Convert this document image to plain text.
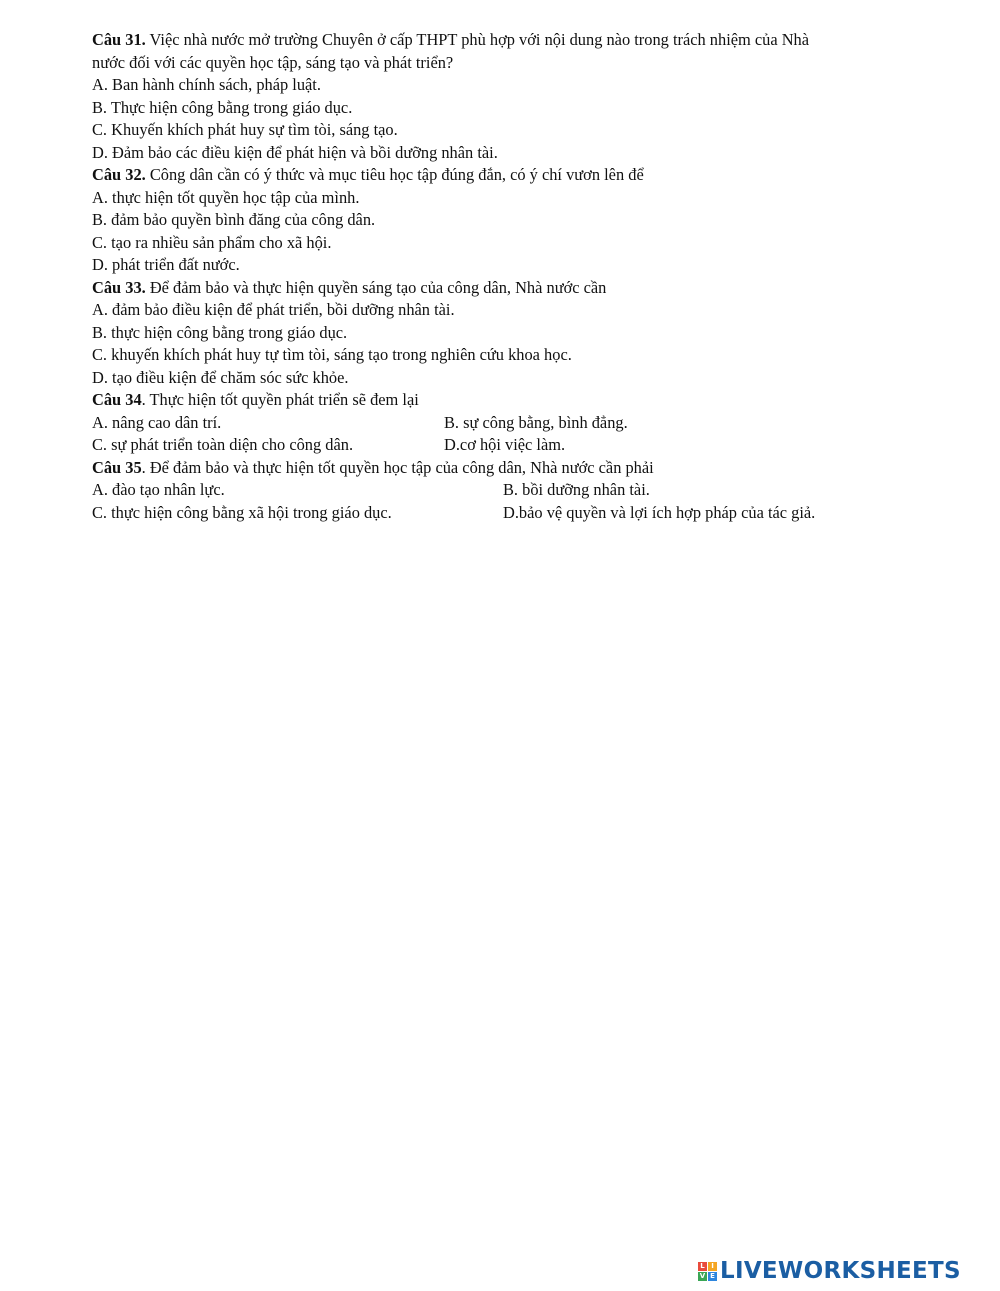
Câu 31. Việc nhà nước mở trường Chuyên ở cấp THPT phù hợp với nội dung nào trong trách nhiệm của Nhà
nước đối với các quyền học tập, sáng tạo và phát triển?
A. Ban hành chính sách, pháp luật.
B. Thực hiện công bằng trong giáo dục.
C. Khuyến khích phát huy sự tìm tòi, sáng tạo.
D. Đảm bảo các điều kiện để phát hiện và bồi dưỡng nhân tài.
Câu 32. Công dân cần có ý thức và mục tiêu học tập đúng đắn, có ý chí vươn lên để
A. thực hiện tốt quyền học tập của mình.
B. đảm bảo quyền bình đăng của công dân.
C. tạo ra nhiều sản phẩm cho xã hội.
D. phát triển đất nước.
Câu 33. Để đảm bảo và thực hiện quyền sáng tạo của công dân, Nhà nước cần
A. đảm bảo điều kiện để phát triển, bồi dưỡng nhân tài.
B. thực hiện công bằng trong giáo dục.
C. khuyến khích phát huy tự tìm tòi, sáng tạo trong nghiên cứu khoa học.
D. tạo điều kiện để chăm sóc sức khỏe.
Câu 34. Thực hiện tốt quyền phát triển sẽ đem lại
A. nâng cao dân trí.	B. sự công bằng, bình đẳng.
C. sự phát triển toàn diện cho công dân.	D.cơ hội việc làm.
Câu 35. Để đảm bảo và thực hiện tốt quyền học tập của công dân, Nhà nước cần phải
A. đào tạo nhân lực.	B. bồi dưỡng nhân tài.
C. thực hiện công bằng xã hội trong giáo dục.	D.bảo vệ quyền và lợi ích hợp pháp của tác giả.
L I
V E LIVEWORKSHEETS
